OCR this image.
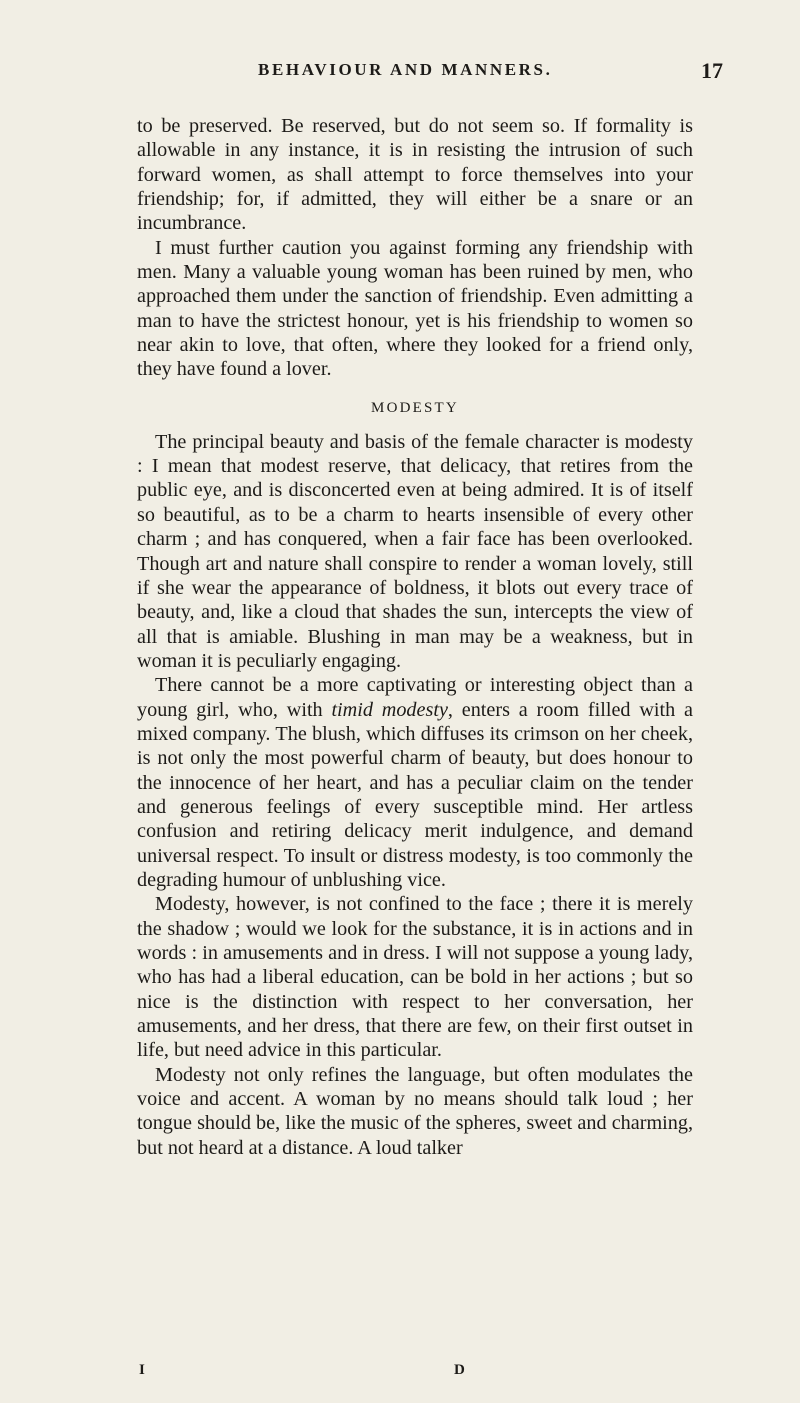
BEHAVIOUR AND MANNERS.	17

to be preserved. Be reserved, but do not seem so. If formality is allowable in any instance, it is in resisting the intrusion of such forward women, as shall attempt to force themselves into your friendship; for, if admitted, they will either be a snare or an incumbrance.

I must further caution you against forming any friendship with men. Many a valuable young woman has been ruined by men, who approached them under the sanction of friendship. Even admitting a man to have the strictest honour, yet is his friendship to women so near akin to love, that often, where they looked for a friend only, they have found a lover.

MODESTY

The principal beauty and basis of the female character is modesty : I mean that modest reserve, that delicacy, that retires from the public eye, and is disconcerted even at being admired. It is of itself so beautiful, as to be a charm to hearts insensible of every other charm ; and has conquered, when a fair face has been overlooked. Though art and nature shall conspire to render a woman lovely, still if she wear the appearance of boldness, it blots out every trace of beauty, and, like a cloud that shades the sun, intercepts the view of all that is amiable. Blushing in man may be a weakness, but in woman it is peculiarly engaging.

There cannot be a more captivating or interesting object than a young girl, who, with timid modesty, enters a room filled with a mixed company. The blush, which diffuses its crimson on her cheek, is not only the most powerful charm of beauty, but does honour to the innocence of her heart, and has a peculiar claim on the tender and generous feelings of every susceptible mind. Her artless confusion and retiring delicacy merit indulgence, and demand universal respect. To insult or distress modesty, is too commonly the degrading humour of unblushing vice.

Modesty, however, is not confined to the face ; there it is merely the shadow ; would we look for the substance, it is in actions and in words : in amusements and in dress. I will not suppose a young lady, who has had a liberal education, can be bold in her actions ; but so nice is the distinction with respect to her conversation, her amusements, and her dress, that there are few, on their first outset in life, but need advice in this particular.

Modesty not only refines the language, but often modulates the voice and accent. A woman by no means should talk loud ; her tongue should be, like the music of the spheres, sweet and charming, but not heard at a distance. A loud talker

I	D
